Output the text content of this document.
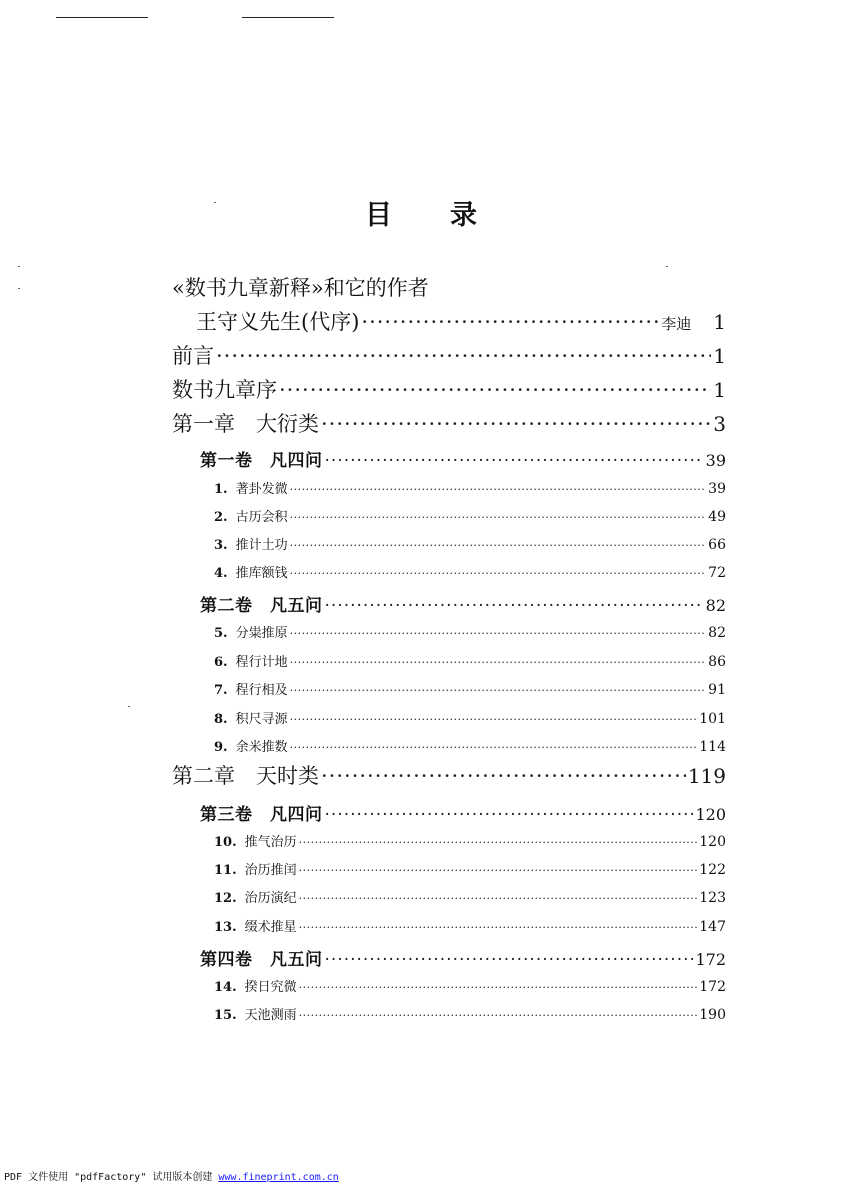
目录
«数书九章新释»和它的作者
王守义先生(代序) ·····	李迪 1
前言 ·····	1
数书九章序 ·····	1
第一章　大衍类 ·····	3
第一卷　凡四问 ·····	39
1. 著卦发微 ·····	39
2. 古历会积 ·····	49
3. 推计土功 ·····	66
4. 推库额钱 ·····	72
第二卷　凡五问 ·····	82
5. 分粜推原 ·····	82
6. 程行计地 ·····	86
7. 程行相及 ·····	91
8. 积尺寻源 ·····	101
9. 余米推数 ·····	114
第二章　天时类 ·····	119
第三卷　凡四问 ·····	120
10. 推气治历 ·····	120
11. 治历推闰 ·····	122
12. 治历演纪 ·····	123
13. 缀术推星 ·····	147
第四卷　凡五问 ·····	172
14. 揆日究微 ·····	172
15. 天池测雨 ·····	190
PDF 文件使用 "pdfFactory" 试用版本创建 www.fineprint.com.cn
